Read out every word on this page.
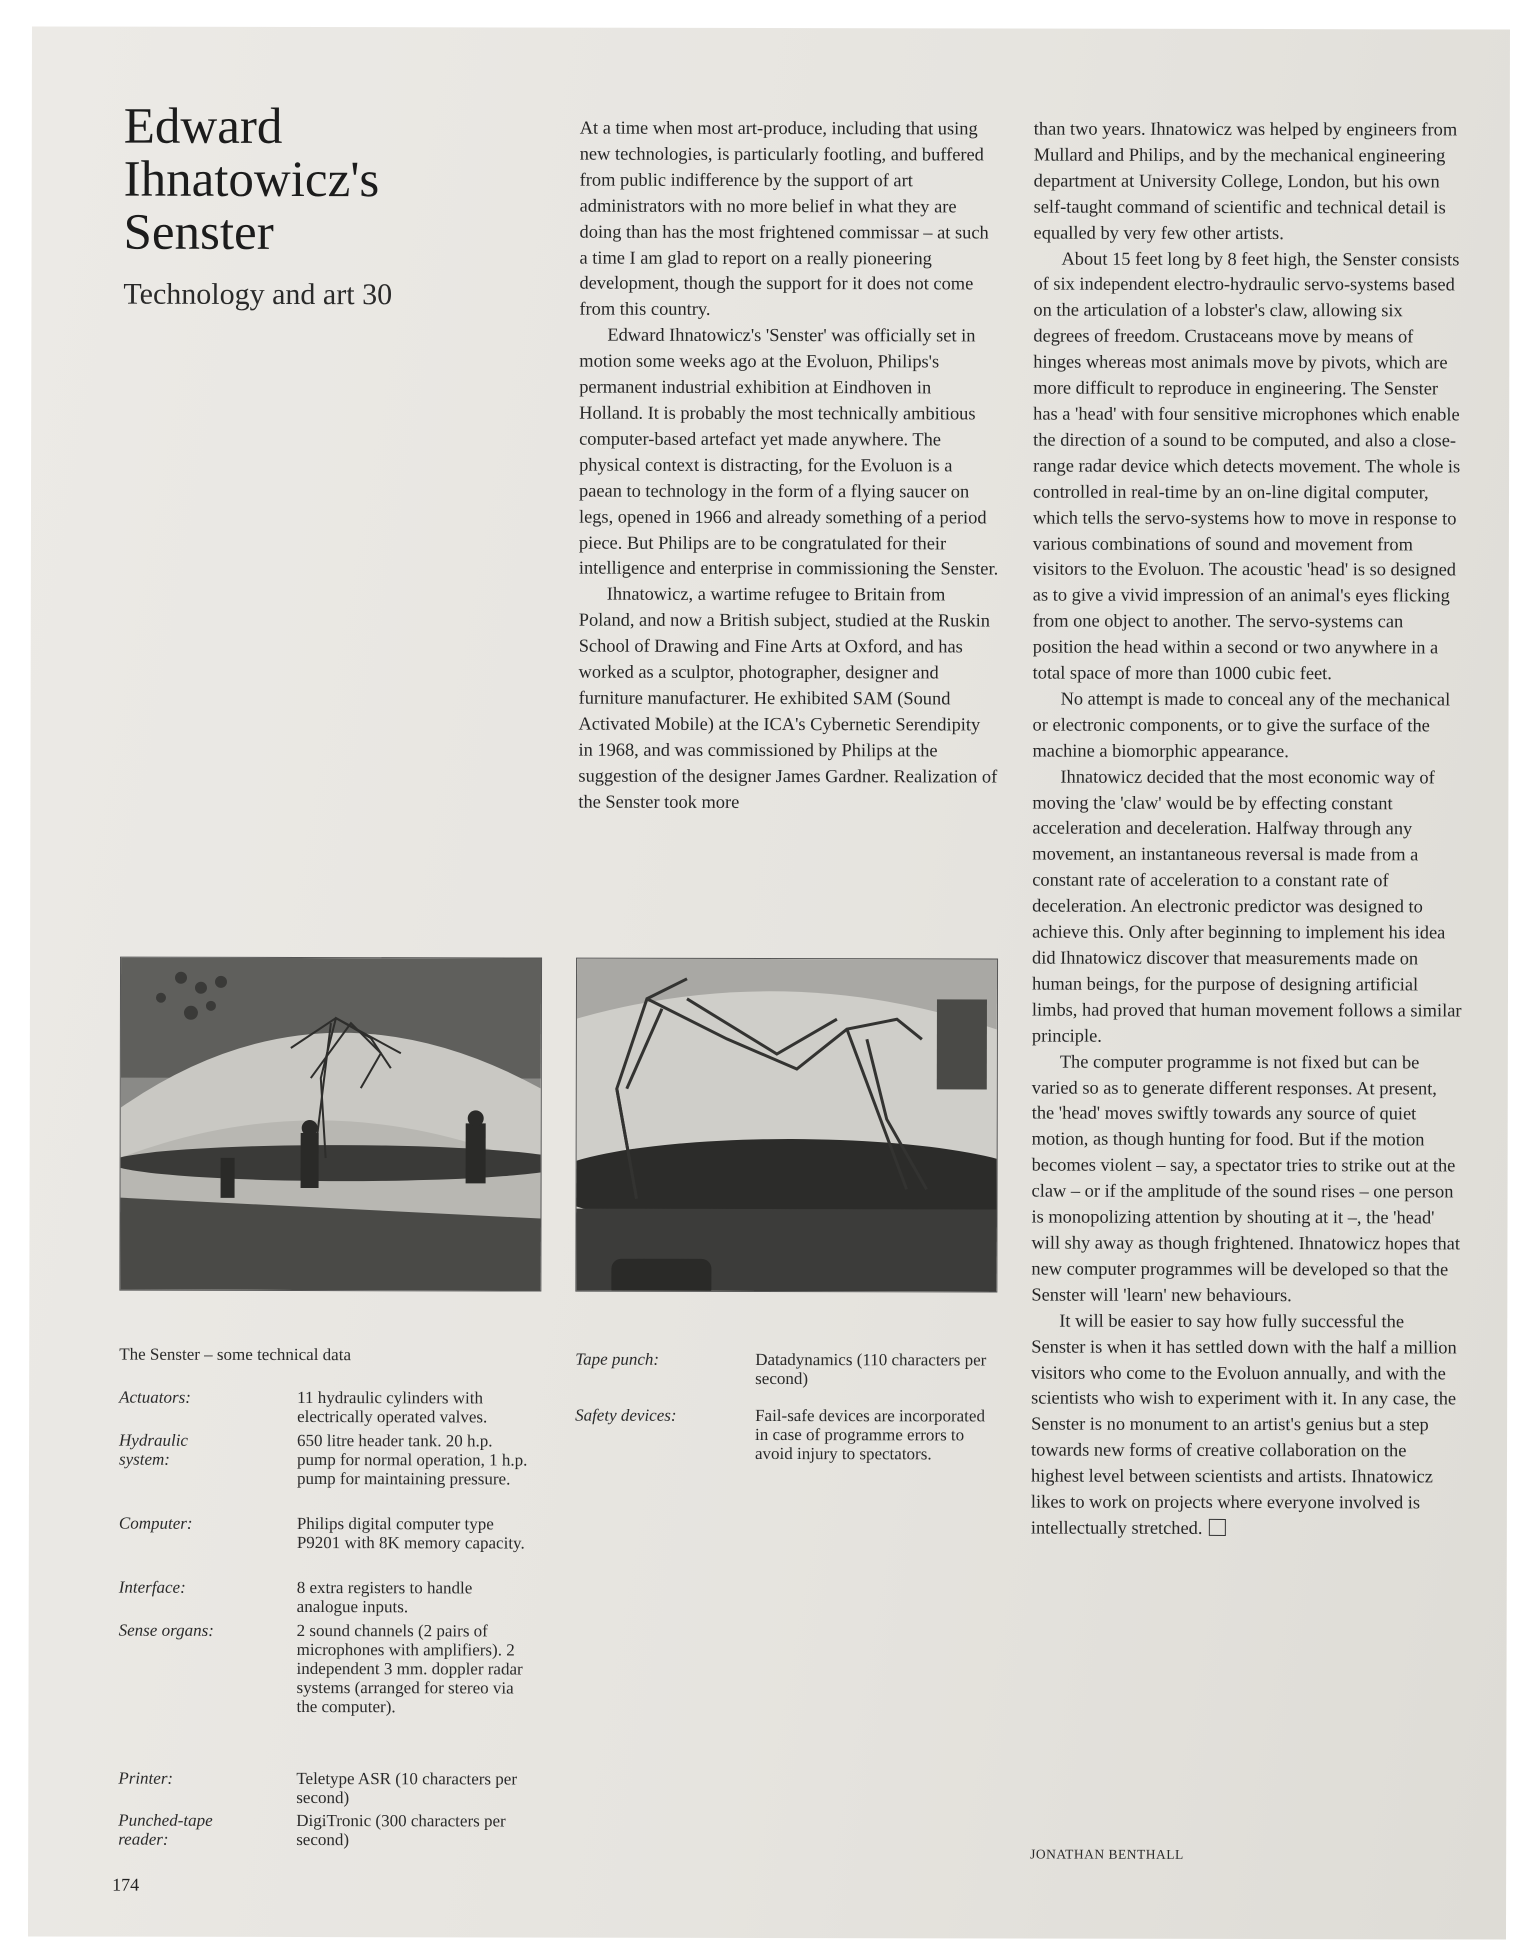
Edward Ihnatowicz's Senster
Technology and art 30

At a time when most art-produce, including that using new technologies, is particularly footling, and buffered from public indifference by the support of art administrators with no more belief in what they are doing than has the most frightened commissar – at such a time I am glad to report on a really pioneering development, though the support for it does not come from this country.

Edward Ihnatowicz's 'Senster' was officially set in motion some weeks ago at the Evoluon, Philips's permanent industrial exhibition at Eindhoven in Holland. It is probably the most technically ambitious computer-based artefact yet made anywhere. The physical context is distracting, for the Evoluon is a paean to technology in the form of a flying saucer on legs, opened in 1966 and already something of a period piece. But Philips are to be congratulated for their intelligence and enterprise in commissioning the Senster.

Ihnatowicz, a wartime refugee to Britain from Poland, and now a British subject, studied at the Ruskin School of Drawing and Fine Arts at Oxford, and has worked as a sculptor, photographer, designer and furniture manufacturer. He exhibited SAM (Sound Activated Mobile) at the ICA's Cybernetic Serendipity in 1968, and was commissioned by Philips at the suggestion of the designer James Gardner. Realization of the Senster took more

than two years. Ihnatowicz was helped by engineers from Mullard and Philips, and by the mechanical engineering department at University College, London, but his own self-taught command of scientific and technical detail is equalled by very few other artists.

About 15 feet long by 8 feet high, the Senster consists of six independent electro-hydraulic servo-systems based on the articulation of a lobster's claw, allowing six degrees of freedom. Crustaceans move by means of hinges whereas most animals move by pivots, which are more difficult to reproduce in engineering. The Senster has a 'head' with four sensitive microphones which enable the direction of a sound to be computed, and also a close-range radar device which detects movement. The whole is controlled in real-time by an on-line digital computer, which tells the servo-systems how to move in response to various combinations of sound and movement from visitors to the Evoluon. The acoustic 'head' is so designed as to give a vivid impression of an animal's eyes flicking from one object to another. The servo-systems can position the head within a second or two anywhere in a total space of more than 1000 cubic feet.

No attempt is made to conceal any of the mechanical or electronic components, or to give the surface of the machine a biomorphic appearance.

Ihnatowicz decided that the most economic way of moving the 'claw' would be by effecting constant acceleration and deceleration. Halfway through any movement, an instantaneous reversal is made from a constant rate of acceleration to a constant rate of deceleration. An electronic predictor was designed to achieve this. Only after beginning to implement his idea did Ihnatowicz discover that measurements made on human beings, for the purpose of designing artificial limbs, had proved that human movement follows a similar principle.

The computer programme is not fixed but can be varied so as to generate different responses. At present, the 'head' moves swiftly towards any source of quiet motion, as though hunting for food. But if the motion becomes violent – say, a spectator tries to strike out at the claw – or if the amplitude of the sound rises – one person is monopolizing attention by shouting at it –, the 'head' will shy away as though frightened. Ihnatowicz hopes that new computer programmes will be developed so that the Senster will 'learn' new behaviours.

It will be easier to say how fully successful the Senster is when it has settled down with the half a million visitors who come to the Evoluon annually, and with the scientists who wish to experiment with it. In any case, the Senster is no monument to an artist's genius but a step towards new forms of creative collaboration on the highest level between scientists and artists. Ihnatowicz likes to work on projects where everyone involved is intellectually stretched.

JONATHAN BENTHALL
The Senster – some technical data
Actuators:	11 hydraulic cylinders with electrically operated valves.
Hydraulic system:
650 litre header tank. 20 h.p. pump for normal operation, 1 h.p. pump for maintaining pressure.
Computer:	Philips digital computer type P9201 with 8K memory capacity.
Interface:	8 extra registers to handle analogue inputs.
Sense organs:	2 sound channels (2 pairs of microphones with amplifiers). 2 independent 3 mm. doppler radar systems (arranged for stereo via the computer).
Printer:	Teletype ASR (10 characters per second)
Punched-tape reader:
DigiTronic (300 characters per second)
Tape punch:	Datadynamics (110 characters per second)
Safety devices:	Fail-safe devices are incorporated in case of programme errors to avoid injury to spectators.
174
